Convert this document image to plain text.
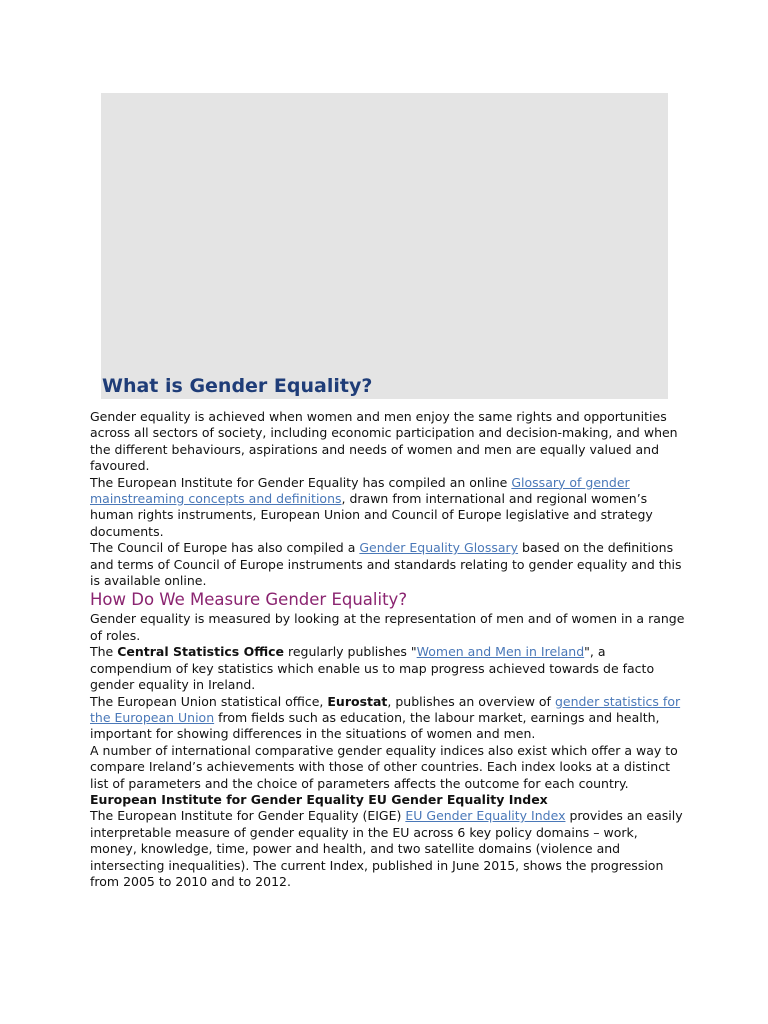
What is Gender Equality?

Gender equality is achieved when women and men enjoy the same rights and opportunities across all sectors of society, including economic participation and decision-making, and when the different behaviours, aspirations and needs of women and men are equally valued and favoured.

The European Institute for Gender Equality has compiled an online Glossary of gender mainstreaming concepts and definitions, drawn from international and regional women’s human rights instruments, European Union and Council of Europe legislative and strategy documents.

The Council of Europe has also compiled a Gender Equality Glossary based on the definitions and terms of Council of Europe instruments and standards relating to gender equality and this is available online.

How Do We Measure Gender Equality?

Gender equality is measured by looking at the representation of men and of women in a range of roles.

The Central Statistics Office regularly publishes "Women and Men in Ireland", a compendium of key statistics which enable us to map progress achieved towards de facto gender equality in Ireland.

The European Union statistical office, Eurostat, publishes an overview of gender statistics for the European Union from fields such as education, the labour market, earnings and health, important for showing differences in the situations of women and men.

A number of international comparative gender equality indices also exist which offer a way to compare Ireland’s achievements with those of other countries. Each index looks at a distinct list of parameters and the choice of parameters affects the outcome for each country.

European Institute for Gender Equality EU Gender Equality Index

The European Institute for Gender Equality (EIGE) EU Gender Equality Index provides an easily interpretable measure of gender equality in the EU across 6 key policy domains – work, money, knowledge, time, power and health, and two satellite domains (violence and intersecting inequalities). The current Index, published in June 2015, shows the progression from 2005 to 2010 and to 2012.
